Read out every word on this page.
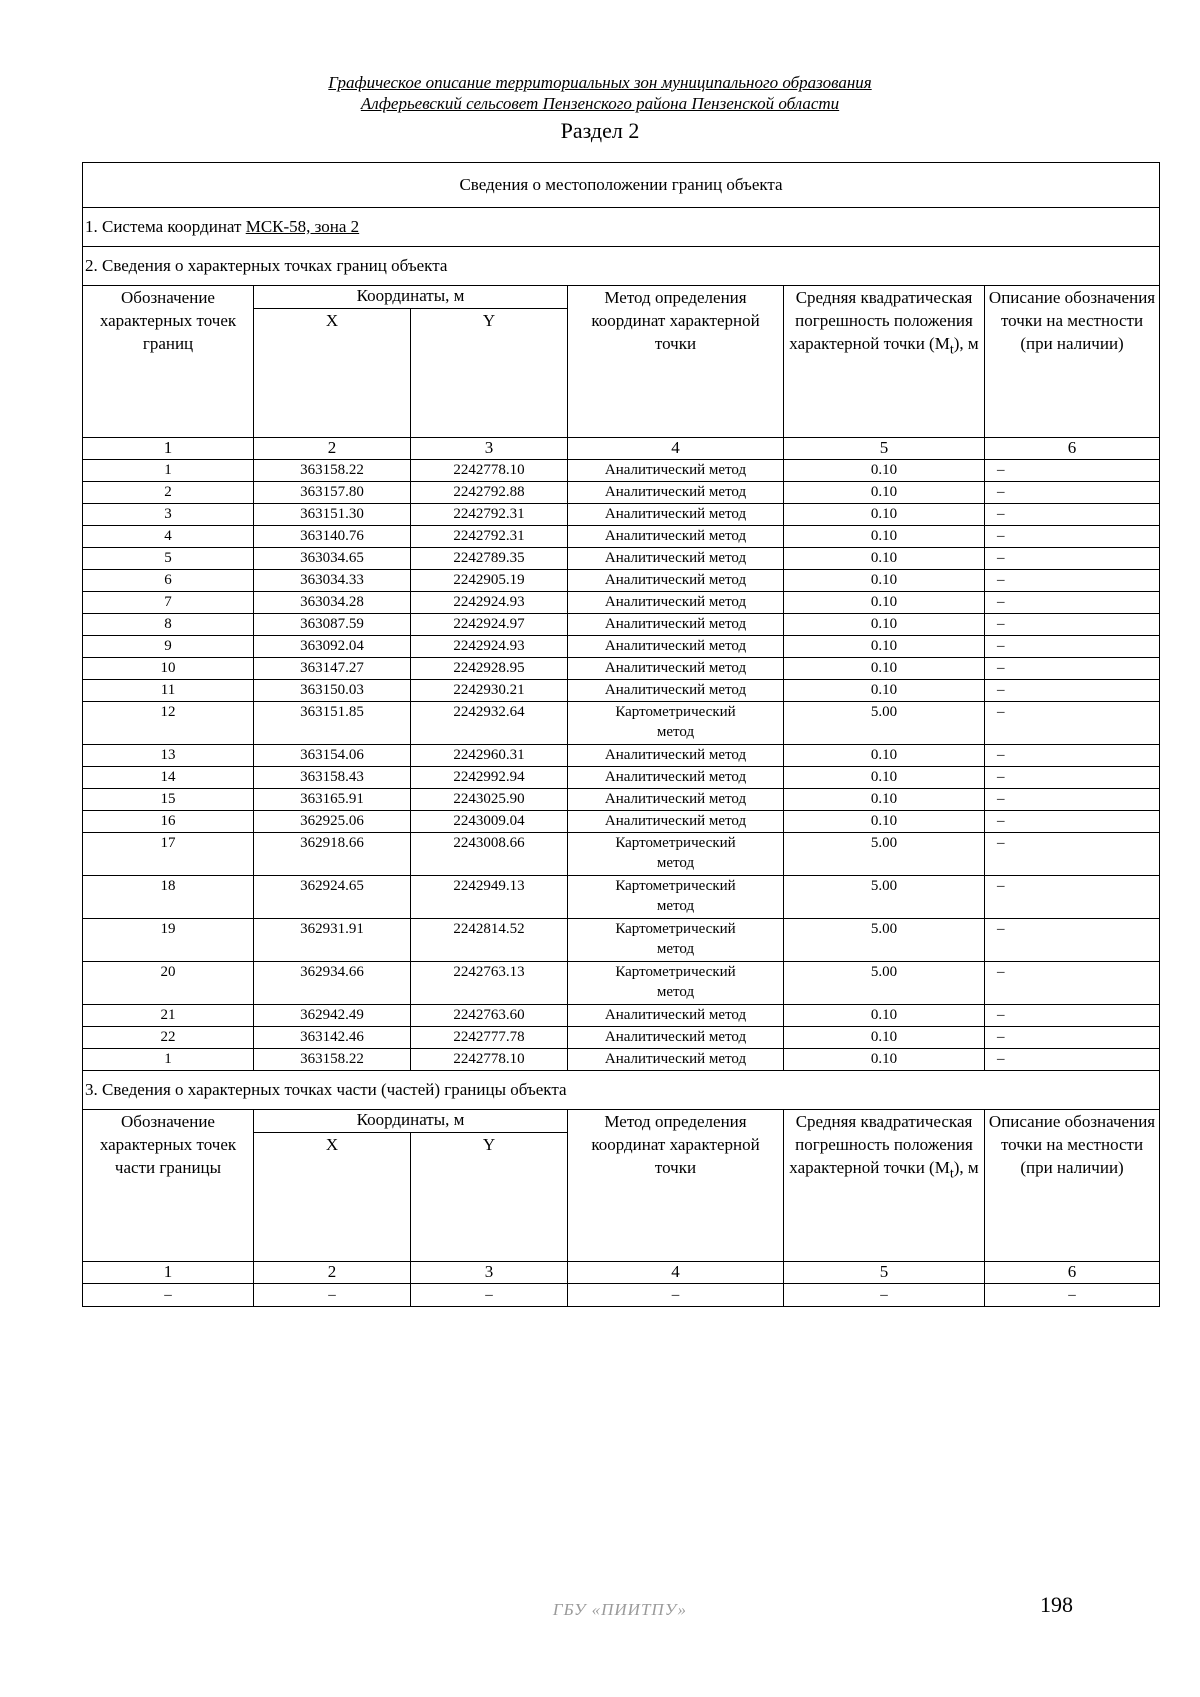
Графическое описание территориальных зон муниципального образования
Алферьевский сельсовет Пензенского района Пензенской области
Раздел 2
Сведения о местоположении границ объекта					
1. Система координат МСК-58, зона 2					
2. Сведения о характерных точках границ объекта					
Обозначение характерных точек границ	Координаты, м		Метод определения координат характерной точки	Средняя квадратическая погрешность положения характерной точки $(M_t)$, м	Описание обозначения точки на местности (при наличии)
	X	Y			
1	2	3	4	5	6
1	363158.22	2242778.10	Аналитический метод	0.10	–
2	363157.80	2242792.88	Аналитический метод	0.10	–
3	363151.30	2242792.31	Аналитический метод	0.10	–
4	363140.76	2242792.31	Аналитический метод	0.10	–
5	363034.65	2242789.35	Аналитический метод	0.10	–
6	363034.33	2242905.19	Аналитический метод	0.10	–
7	363034.28	2242924.93	Аналитический метод	0.10	–
8	363087.59	2242924.97	Аналитический метод	0.10	–
9	363092.04	2242924.93	Аналитический метод	0.10	–
10	363147.27	2242928.95	Аналитический метод	0.10	–
11	363150.03	2242930.21	Аналитический метод	0.10	–
12	363151.85	2242932.64	Картометрический метод	5.00	–
13	363154.06	2242960.31	Аналитический метод	0.10	–
14	363158.43	2242992.94	Аналитический метод	0.10	–
15	363165.91	2243025.90	Аналитический метод	0.10	–
16	362925.06	2243009.04	Аналитический метод	0.10	–
17	362918.66	2243008.66	Картометрический метод	5.00	–
18	362924.65	2242949.13	Картометрический метод	5.00	–
19	362931.91	2242814.52	Картометрический метод	5.00	–
20	362934.66	2242763.13	Картометрический метод	5.00	–
21	362942.49	2242763.60	Аналитический метод	0.10	–
22	363142.46	2242777.78	Аналитический метод	0.10	–
1	363158.22	2242778.10	Аналитический метод	0.10	–
3. Сведения о характерных точках части (частей) границы объекта					
Обозначение характерных точек части границы	Координаты, м		Метод определения координат характерной точки	Средняя квадратическая погрешность положения характерной точки $(M_t)$, м	Описание обозначения точки на местности (при наличии)
	X	Y			
1	2	3	4	5	6
–	–	–	–	–	–
ГБУ «ПИИТПУ»	198
